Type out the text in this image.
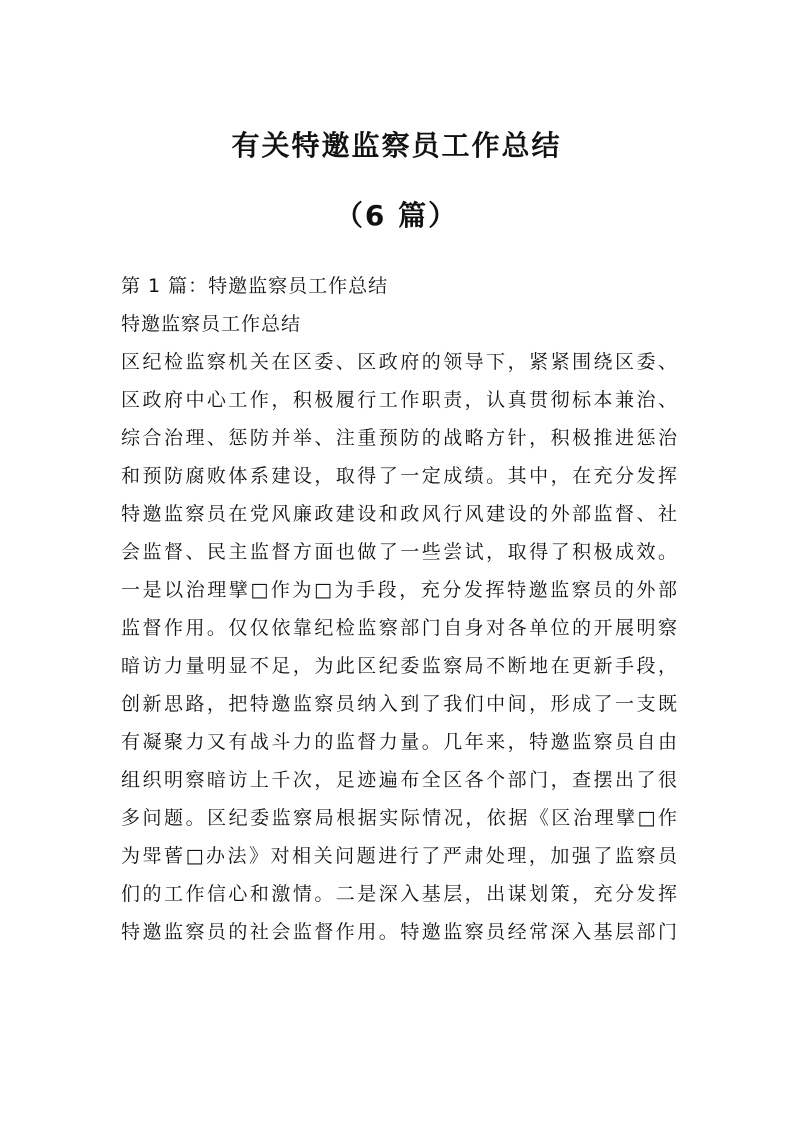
有关特邀监察员工作总结
（6 篇）
第 1 篇：特邀监察员工作总结
特邀监察员工作总结
区纪检监察机关在区委、区政府的领导下，紧紧围绕区委、
区政府中心工作，积极履行工作职责，认真贯彻标本兼治、
综合治理、惩防并举、注重预防的战略方针，积极推进惩治
和预防腐败体系建设，取得了一定成绩。其中，在充分发挥
特邀监察员在党风廉政建设和政风行风建设的外部监督、社
会监督、民主监督方面也做了一些尝试，取得了积极成效。
一是以治理擘□作为□为手段，充分发挥特邀监察员的外部
监督作用。仅仅依靠纪检监察部门自身对各单位的开展明察
暗访力量明显不足，为此区纪委监察局不断地在更新手段，
创新思路，把特邀监察员纳入到了我们中间，形成了一支既
有凝聚力又有战斗力的监督力量。几年来，特邀监察员自由
组织明察暗访上千次，足迹遍布全区各个部门，查摆出了很
多问题。区纪委监察局根据实际情况，依据《区治理擘□作
为斝蒈□办法》对相关问题进行了严肃处理，加强了监察员
们的工作信心和激情。二是深入基层，出谋划策，充分发挥
特邀监察员的社会监督作用。特邀监察员经常深入基层部门
